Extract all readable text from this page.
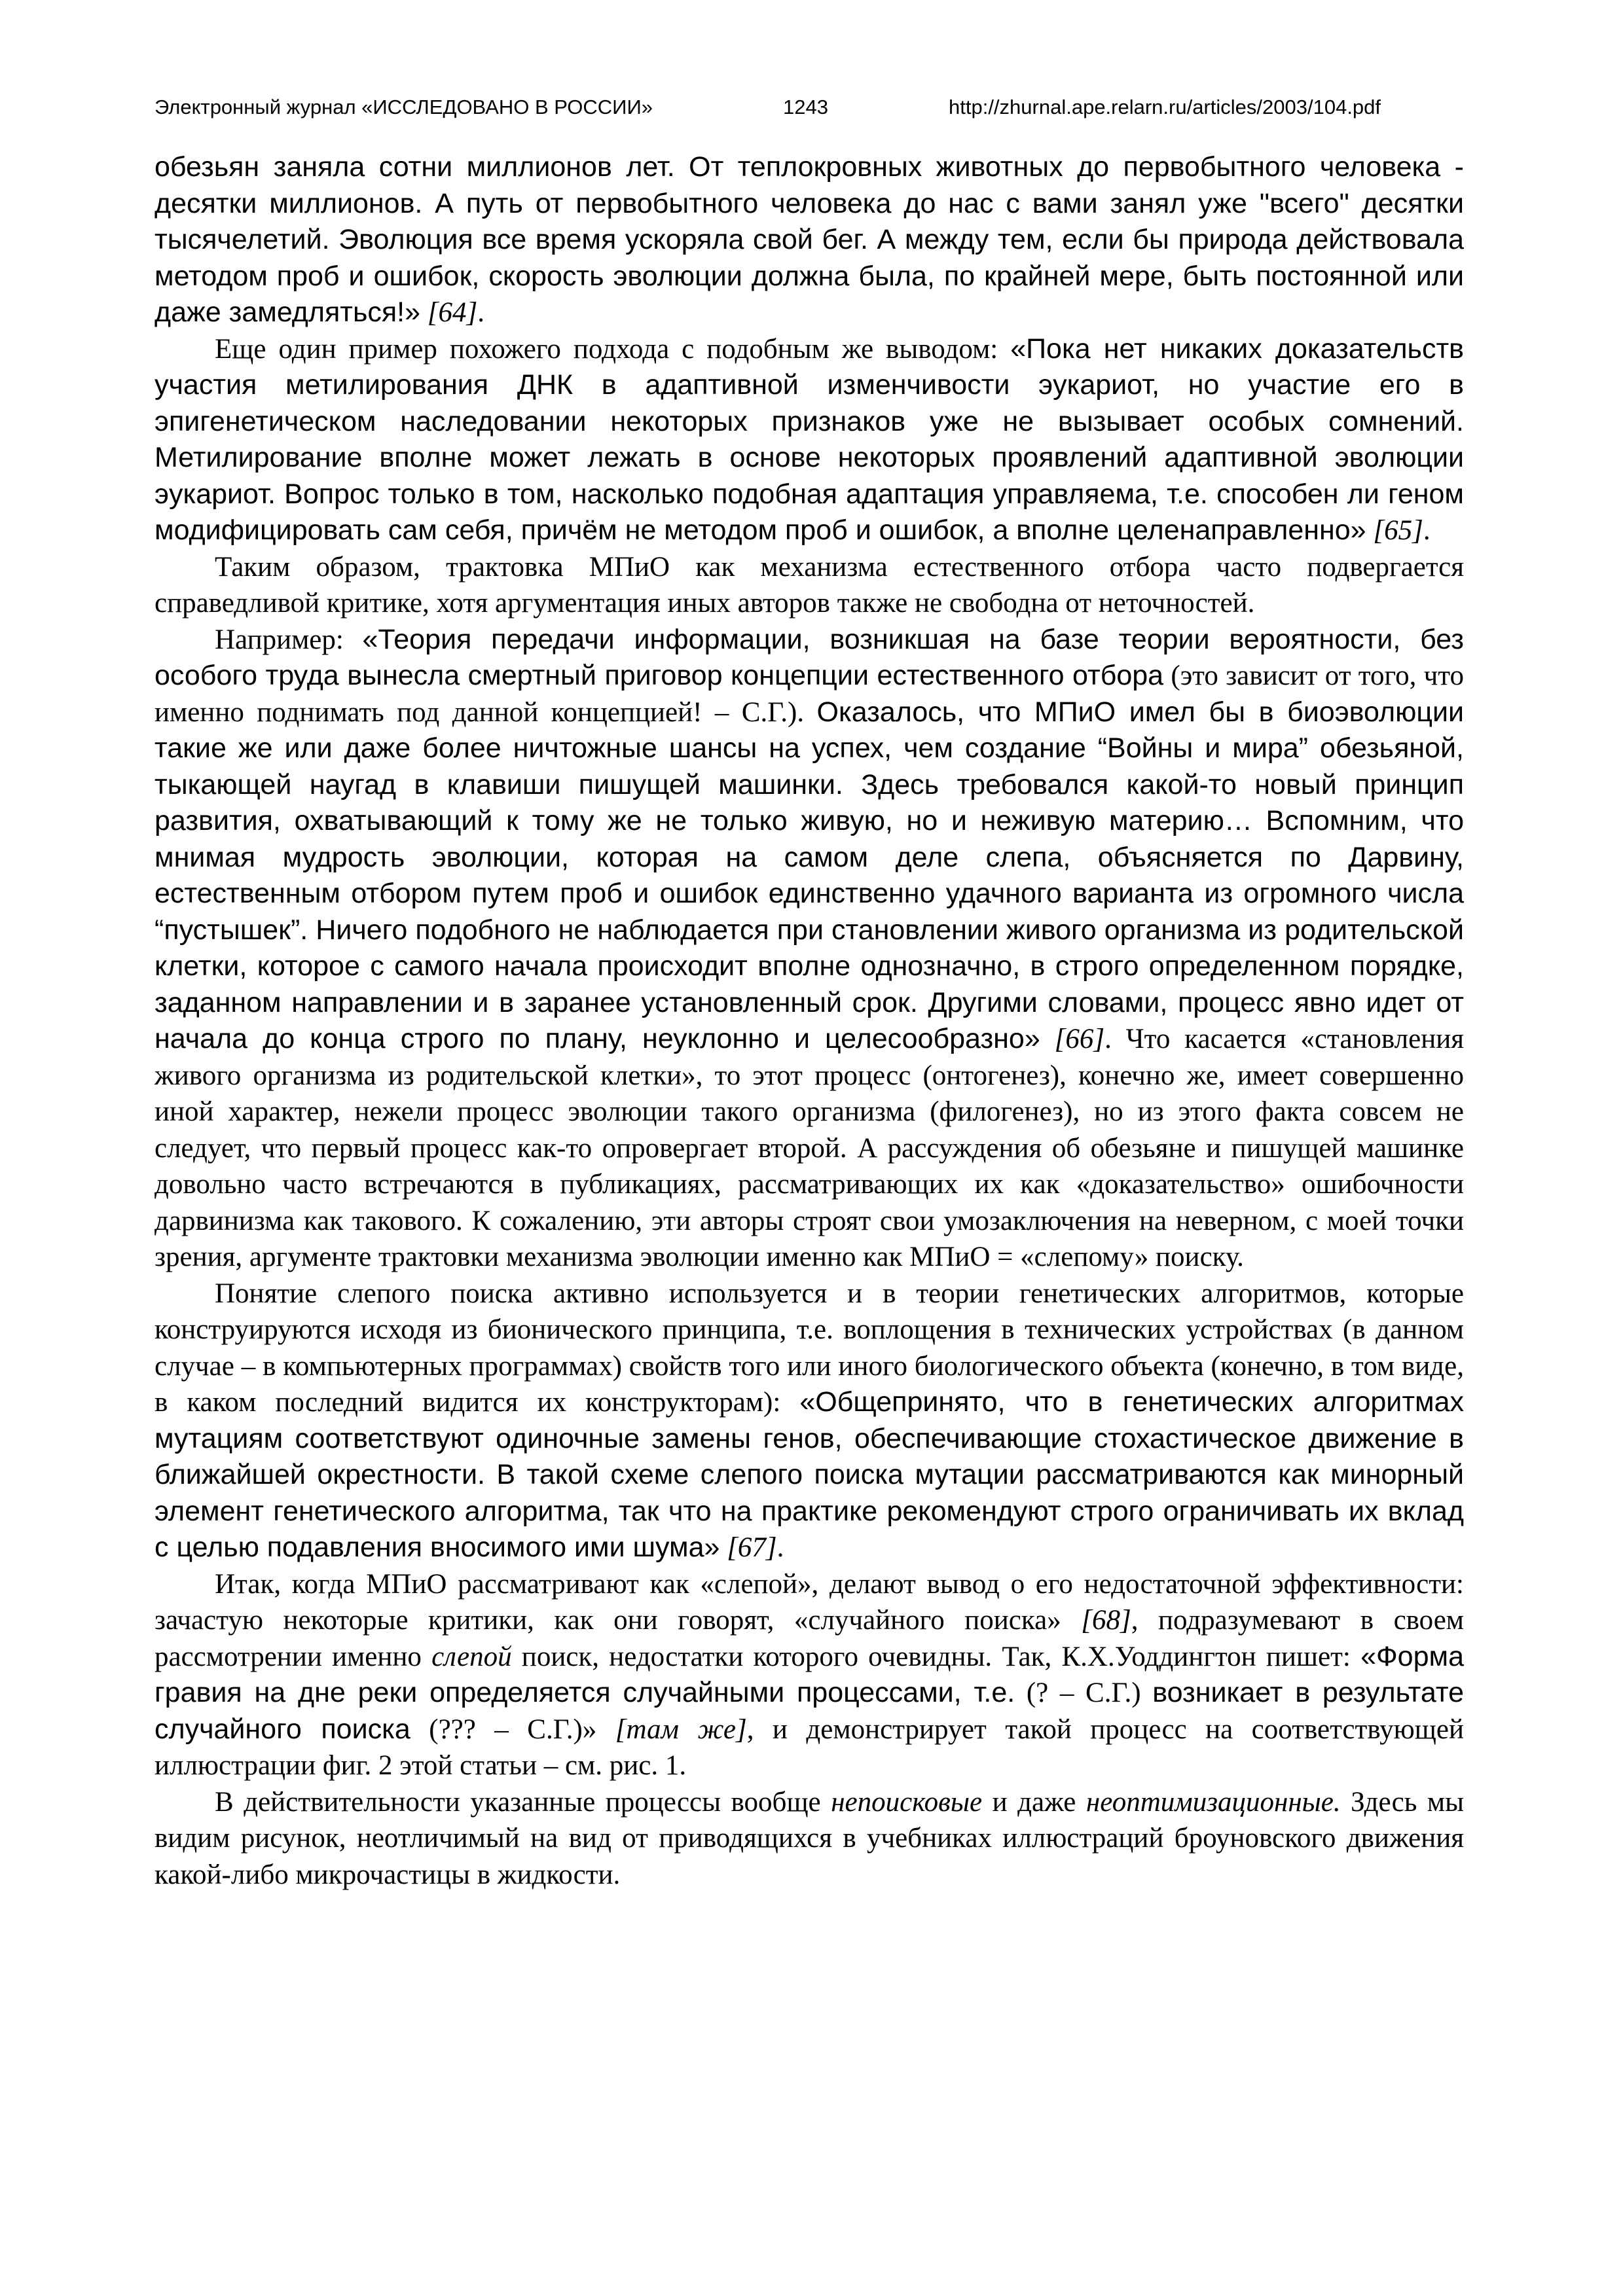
Электронный журнал «ИССЛЕДОВАНО В РОССИИ»	1243	http://zhurnal.ape.relarn.ru/articles/2003/104.pdf

обезьян заняла сотни миллионов лет. От теплокровных животных до первобытного человека - десятки миллионов. А путь от первобытного человека до нас с вами занял уже "всего" десятки тысячелетий. Эволюция все время ускоряла свой бег. А между тем, если бы природа действовала методом проб и ошибок, скорость эволюции должна была, по крайней мере, быть постоянной или даже замедляться!» [64].

Еще один пример похожего подхода с подобным же выводом: «Пока нет никаких доказательств участия метилирования ДНК в адаптивной изменчивости эукариот, но участие его в эпигенетическом наследовании некоторых признаков уже не вызывает особых сомнений. Метилирование вполне может лежать в основе некоторых проявлений адаптивной эволюции эукариот. Вопрос только в том, насколько подобная адаптация управляема, т.е. способен ли геном модифицировать сам себя, причём не методом проб и ошибок, а вполне целенаправленно» [65].

Таким образом, трактовка МПиО как механизма естественного отбора часто подвергается справедливой критике, хотя аргументация иных авторов также не свободна от неточностей.

Например: «Теория передачи информации, возникшая на базе теории вероятности, без особого труда вынесла смертный приговор концепции естественного отбора (это зависит от того, что именно поднимать под данной концепцией! – С.Г.). Оказалось, что МПиО имел бы в биоэволюции такие же или даже более ничтожные шансы на успех, чем создание “Войны и мира” обезьяной, тыкающей наугад в клавиши пишущей машинки. Здесь требовался какой-то новый принцип развития, охватывающий к тому же не только живую, но и неживую материю… Вспомним, что мнимая мудрость эволюции, которая на самом деле слепа, объясняется по Дарвину, естественным отбором путем проб и ошибок единственно удачного варианта из огромного числа “пустышек”. Ничего подобного не наблюдается при становлении живого организма из родительской клетки, которое с самого начала происходит вполне однозначно, в строго определенном порядке, заданном направлении и в заранее установленный срок. Другими словами, процесс явно идет от начала до конца строго по плану, неуклонно и целесообразно» [66]. Что касается «становления живого организма из родительской клетки», то этот процесс (онтогенез), конечно же, имеет совершенно иной характер, нежели процесс эволюции такого организма (филогенез), но из этого факта совсем не следует, что первый процесс как-то опровергает второй. А рассуждения об обезьяне и пишущей машинке довольно часто встречаются в публикациях, рассматривающих их как «доказательство» ошибочности дарвинизма как такового. К сожалению, эти авторы строят свои умозаключения на неверном, с моей точки зрения, аргументе трактовки механизма эволюции именно как МПиО = «слепому» поиску.

Понятие слепого поиска активно используется и в теории генетических алгоритмов, которые конструируются исходя из бионического принципа, т.е. воплощения в технических устройствах (в данном случае – в компьютерных программах) свойств того или иного биологического объекта (конечно, в том виде, в каком последний видится их конструкторам): «Общепринято, что в генетических алгоритмах мутациям соответствуют одиночные замены генов, обеспечивающие стохастическое движение в ближайшей окрестности. В такой схеме слепого поиска мутации рассматриваются как минорный элемент генетического алгоритма, так что на практике рекомендуют строго ограничивать их вклад с целью подавления вносимого ими шума» [67].

Итак, когда МПиО рассматривают как «слепой», делают вывод о его недостаточной эффективности: зачастую некоторые критики, как они говорят, «случайного поиска» [68], подразумевают в своем рассмотрении именно слепой поиск, недостатки которого очевидны. Так, К.Х.Уоддингтон пишет: «Форма гравия на дне реки определяется случайными процессами, т.е. (? – С.Г.) возникает в результате случайного поиска (??? – С.Г.)» [там же], и демонстрирует такой процесс на соответствующей иллюстрации фиг. 2 этой статьи – см. рис. 1.

В действительности указанные процессы вообще непоисковые и даже неоптимизационные. Здесь мы видим рисунок, неотличимый на вид от приводящихся в учебниках иллюстраций броуновского движения какой-либо микрочастицы в жидкости.
